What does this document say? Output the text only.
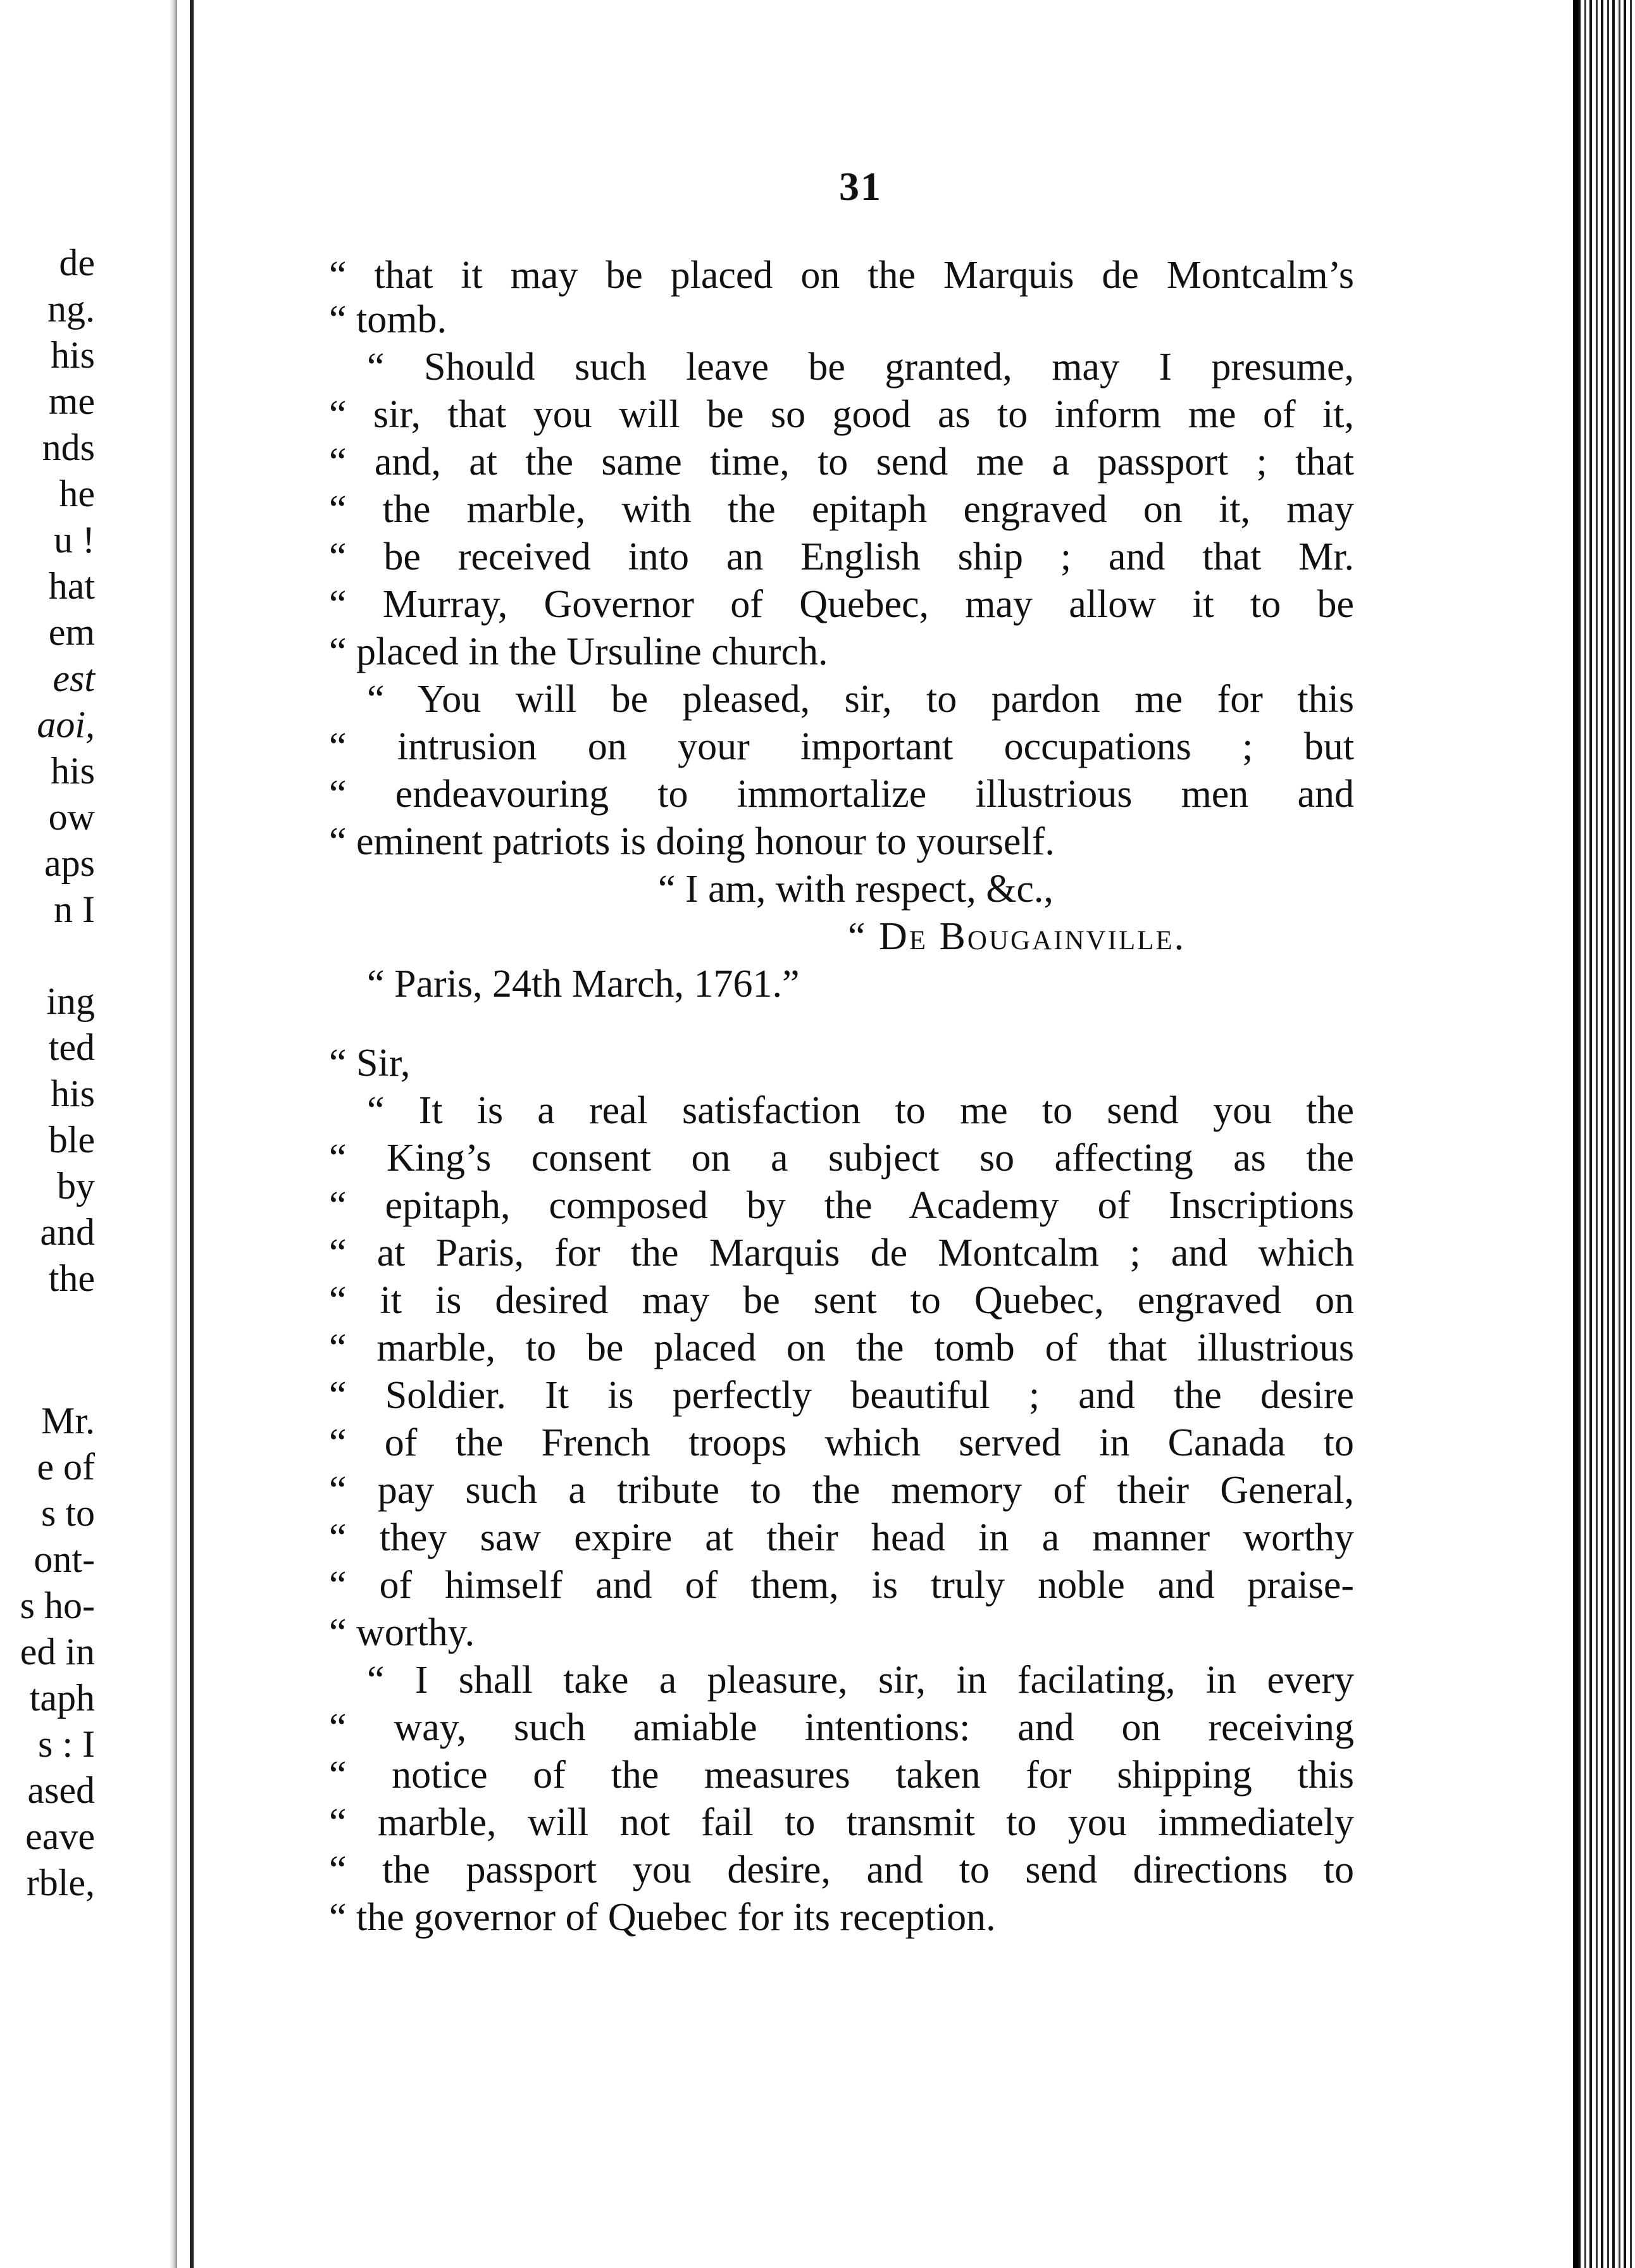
de
ng.
his
me
nds
he
u !
hat
em
est
aoi,
his
ow
aps
n I
ing
ted
his
ble
by
and
the
Mr.
e of
s to
ont-
s ho-
ed in
taph
s : I
ased
eave
rble,
31
“ that it may be placed on the Marquis de Montcalm’s
“ tomb.
“ Should such leave be granted, may I presume,
“ sir, that you will be so good as to inform me of it,
“ and, at the same time, to send me a passport ; that
“ the marble, with the epitaph engraved on it, may
“ be received into an English ship ; and that Mr.
“ Murray, Governor of Quebec, may allow it to be
“ placed in the Ursuline church.
“ You will be pleased, sir, to pardon me for this
“ intrusion on your important occupations ; but
“ endeavouring to immortalize illustrious men and
“ eminent patriots is doing honour to yourself.
“ I am, with respect, &c.,
“ De Bougainville.
“ Paris, 24th March, 1761.”
“ Sir,
“ It is a real satisfaction to me to send you the
“ King’s consent on a subject so affecting as the
“ epitaph, composed by the Academy of Inscriptions
“ at Paris, for the Marquis de Montcalm ; and which
“ it is desired may be sent to Quebec, engraved on
“ marble, to be placed on the tomb of that illustrious
“ Soldier. It is perfectly beautiful ; and the desire
“ of the French troops which served in Canada to
“ pay such a tribute to the memory of their General,
“ they saw expire at their head in a manner worthy
“ of himself and of them, is truly noble and praise-
“ worthy.
“ I shall take a pleasure, sir, in facilating, in every
“ way, such amiable intentions: and on receiving
“ notice of the measures taken for shipping this
“ marble, will not fail to transmit to you immediately
“ the passport you desire, and to send directions to
“ the governor of Quebec for its reception.
